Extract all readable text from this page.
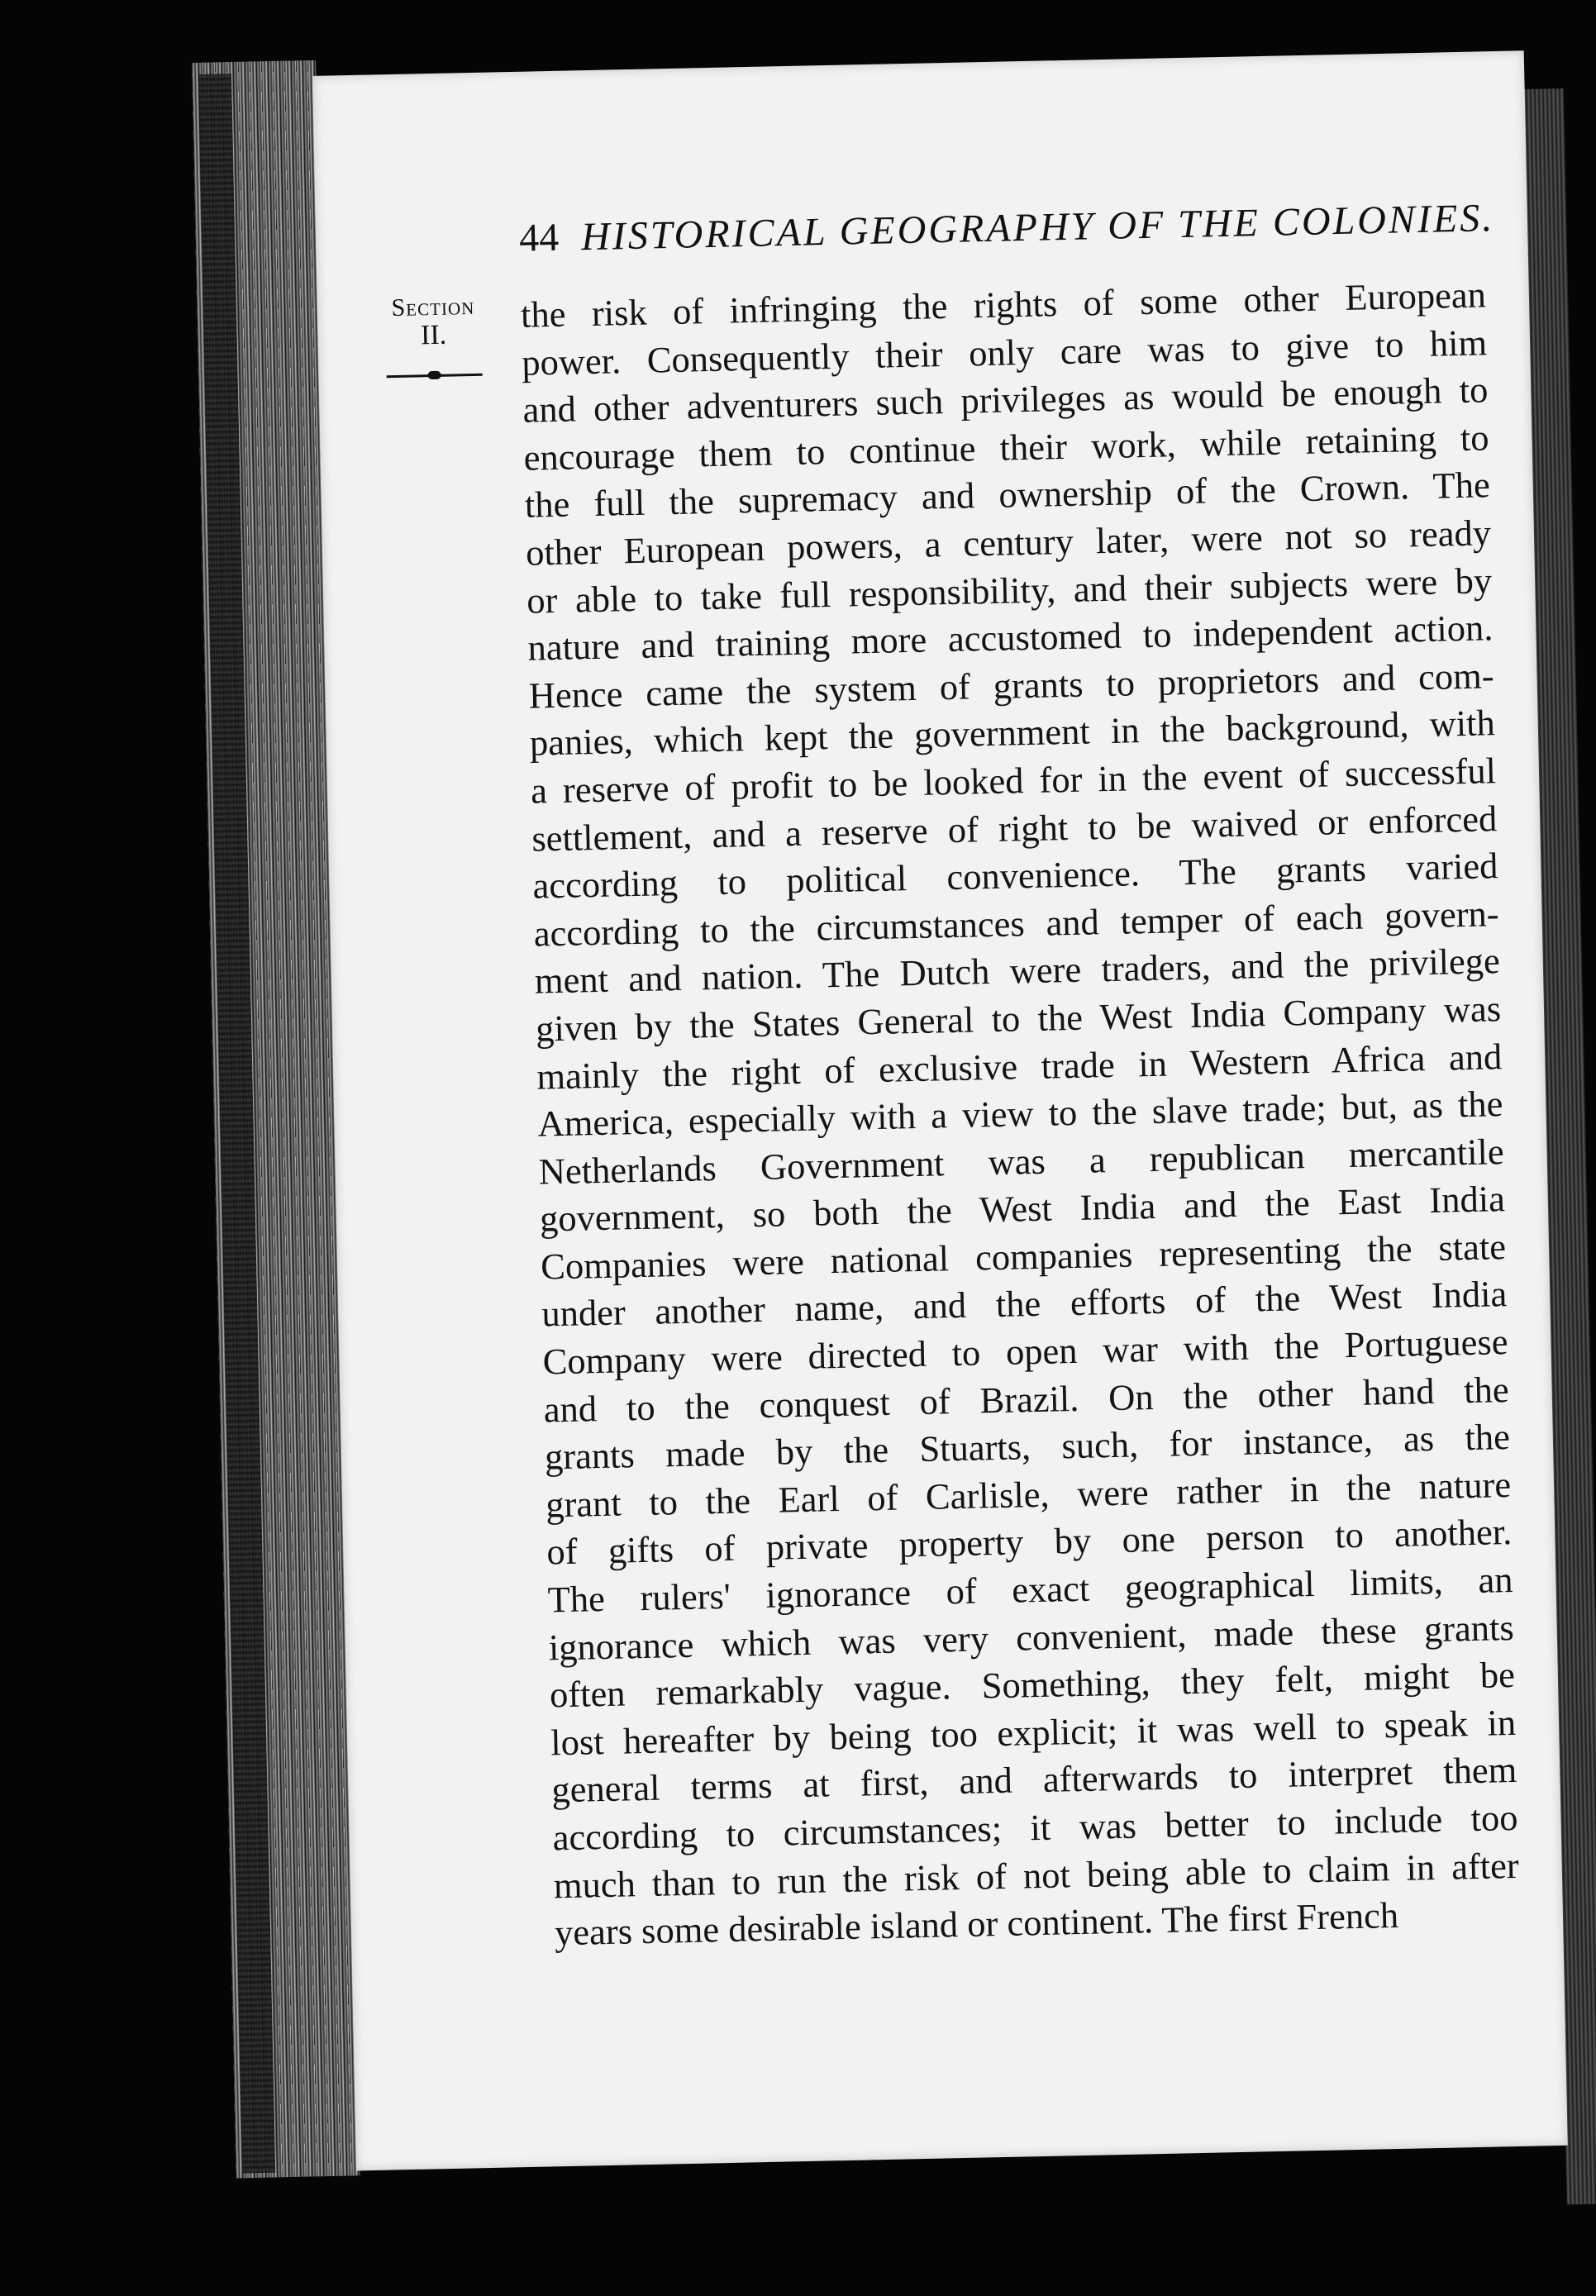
44 HISTORICAL GEOGRAPHY OF THE COLONIES.
Section
II.	the risk of infringing the rights of some other European
power. Consequently their only care was to give to him
and other adventurers such privileges as would be enough to
encourage them to continue their work, while retaining to
the full the supremacy and ownership of the Crown. The
other European powers, a century later, were not so ready
or able to take full responsibility, and their subjects were by
nature and training more accustomed to independent action.
Hence came the system of grants to proprietors and com-
panies, which kept the government in the background, with
a reserve of profit to be looked for in the event of successful
settlement, and a reserve of right to be waived or enforced
according to political convenience. The grants varied
according to the circumstances and temper of each govern-
ment and nation. The Dutch were traders, and the privilege
given by the States General to the West India Company was
mainly the right of exclusive trade in Western Africa and
America, especially with a view to the slave trade; but, as the
Netherlands Government was a republican mercantile
government, so both the West India and the East India
Companies were national companies representing the state
under another name, and the efforts of the West India
Company were directed to open war with the Portuguese
and to the conquest of Brazil. On the other hand the
grants made by the Stuarts, such, for instance, as the
grant to the Earl of Carlisle, were rather in the nature
of gifts of private property by one person to another.
The rulers' ignorance of exact geographical limits, an
ignorance which was very convenient, made these grants
often remarkably vague. Something, they felt, might be
lost hereafter by being too explicit; it was well to speak in
general terms at first, and afterwards to interpret them
according to circumstances; it was better to include too
much than to run the risk of not being able to claim in after
years some desirable island or continent. The first French
